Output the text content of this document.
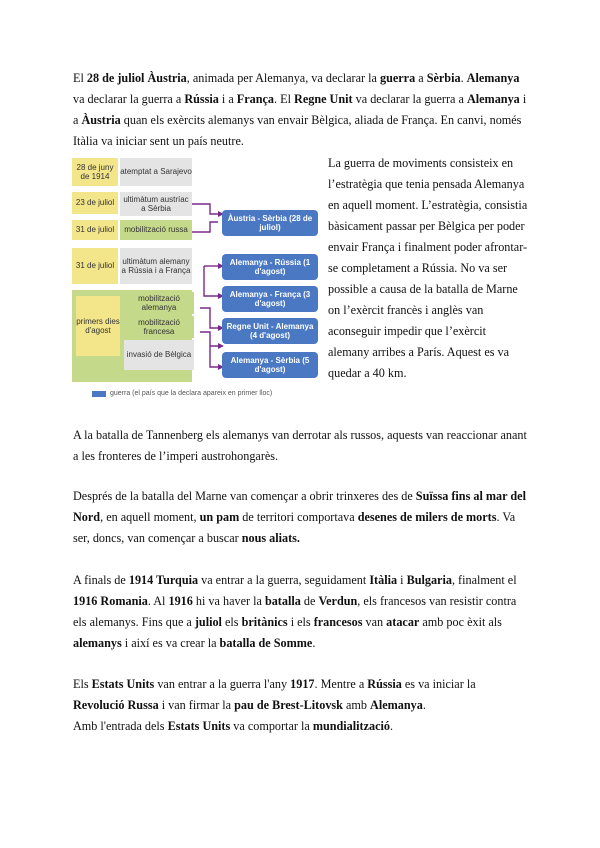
El 28 de juliol Àustria, animada per Alemanya, va declarar la guerra a Sèrbia. Alemanya va declarar la guerra a Rússia i a França. El Regne Unit va declarar la guerra a Alemanya i a Àustria quan els exèrcits alemanys van envair Bèlgica, aliada de França. En canvi, només Itàlia va iniciar sent un país neutre.

28 de juny de 1914
atemptat a Sarajevo
23 de juliol	ultimàtum austríac a Sèrbia
31 de juliol	mobilització russa
31 de juliol
ultimàtum alemany a Rússia i a França
primers dies d'agost
mobilització alemanya
mobilització francesa
invasió de Bèlgica
Àustria - Sèrbia (28 de juliol)
Alemanya - Rússia (1 d'agost)
Alemanya - França (3 d'agost)
Regne Unit - Alemanya (4 d'agost)
Alemanya - Sèrbia (5 d'agost)
guerra (el país que la declara apareix en primer lloc)

La guerra de moviments consisteix en l’estratègia que tenia pensada Alemanya en aquell moment. L’estratègia, consistia bàsicament passar per Bèlgica per poder envair França i finalment poder afrontar-se completament a Rússia. No va ser possible a causa de la batalla de Marne on l’exèrcit francès i anglès van aconseguir impedir que l’exèrcit alemany arribes a París. Aquest es va quedar a 40 km.

A la batalla de Tannenberg els alemanys van derrotar als russos, aquests van reaccionar anant a les fronteres de l’imperi austrohongarès.

Després de la batalla del Marne van començar a obrir trinxeres des de Suïssa fins al mar del Nord, en aquell moment, un pam de territori comportava desenes de milers de morts. Va ser, doncs, van començar a buscar nous aliats.

A finals de 1914 Turquia va entrar a la guerra, seguidament Itàlia i Bulgaria, finalment el 1916 Romania. Al 1916 hi va haver la batalla de Verdun, els francesos van resistir contra els alemanys. Fins que a juliol els britànics i els francesos van atacar amb poc èxit als alemanys i així es va crear la batalla de Somme.

Els Estats Units van entrar a la guerra l'any 1917. Mentre a Rússia es va iniciar la Revolució Russa i van firmar la pau de Brest-Litovsk amb Alemanya.
Amb l'entrada dels Estats Units va comportar la mundialització.
